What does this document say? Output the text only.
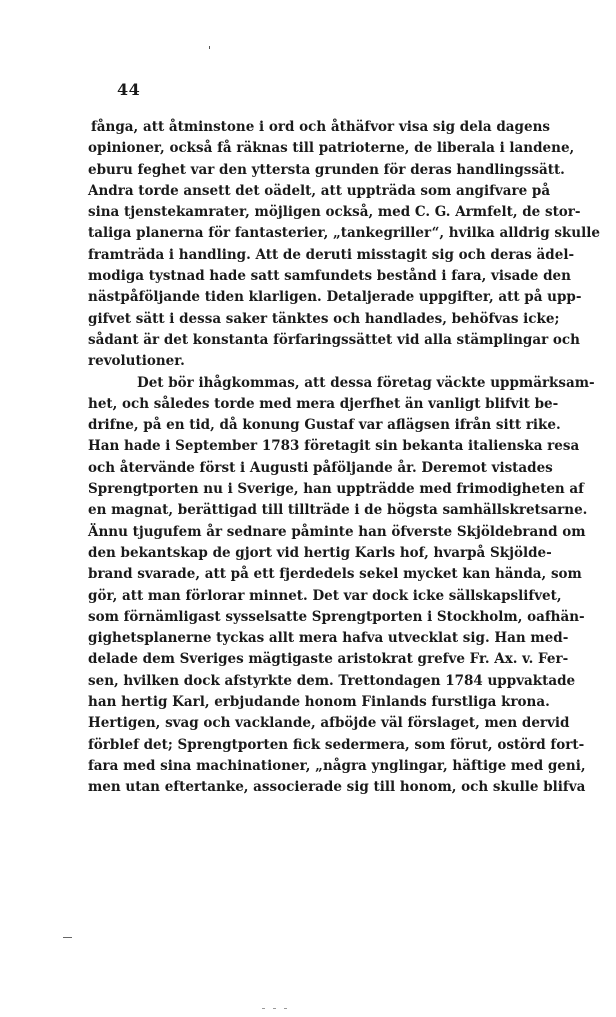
44
fånga, att åtminstone i ord och åthäfvor visa sig dela dagens
opinioner, också få räknas till patrioterne, de liberala i landene,
eburu feghet var den yttersta grunden för deras handlingssätt.
Andra torde ansett det oädelt, att uppträda som angifvare på
sina tjenstekamrater, möjligen också, med C. G. Armfelt, de stor-
taliga planerna för fantasterier, „tankegriller“, hvilka alldrig skulle
framträda i handling. Att de deruti misstagit sig och deras ädel-
modiga tystnad hade satt samfundets bestånd i fara, visade den
nästpåföljande tiden klarligen. Detaljerade uppgifter, att på upp-
gifvet sätt i dessa saker tänktes och handlades, behöfvas icke;
sådant är det konstanta förfaringssättet vid alla stämplingar och
revolutioner.
Det bör ihågkommas, att dessa företag väckte uppmärksam-
het, och således torde med mera djerfhet än vanligt blifvit be-
drifne, på en tid, då konung Gustaf var aflägsen ifrån sitt rike.
Han hade i September 1783 företagit sin bekanta italienska resa
och återvände först i Augusti påföljande år. Deremot vistades
Sprengtporten nu i Sverige, han uppträdde med frimodigheten af
en magnat, berättigad till tillträde i de högsta samhällskretsarne.
Ännu tjugufem år sednare påminte han öfverste Skjöldebrand om
den bekantskap de gjort vid hertig Karls hof, hvarpå Skjölde-
brand svarade, att på ett fjerdedels sekel mycket kan hända, som
gör, att man förlorar minnet. Det var dock icke sällskapslifvet,
som förnämligast sysselsatte Sprengtporten i Stockholm, oafhän-
gighetsplanerne tyckas allt mera hafva utvecklat sig. Han med-
delade dem Sveriges mägtigaste aristokrat grefve Fr. Ax. v. Fer-
sen, hvilken dock afstyrkte dem. Trettondagen 1784 uppvaktade
han hertig Karl, erbjudande honom Finlands furstliga krona.
Hertigen, svag och vacklande, afböjde väl förslaget, men dervid
förblef det; Sprengtporten fick sedermera, som förut, ostörd fort-
fara med sina machinationer, „några ynglingar, häftige med geni,
men utan eftertanke, associerade sig till honom, och skulle blifva
